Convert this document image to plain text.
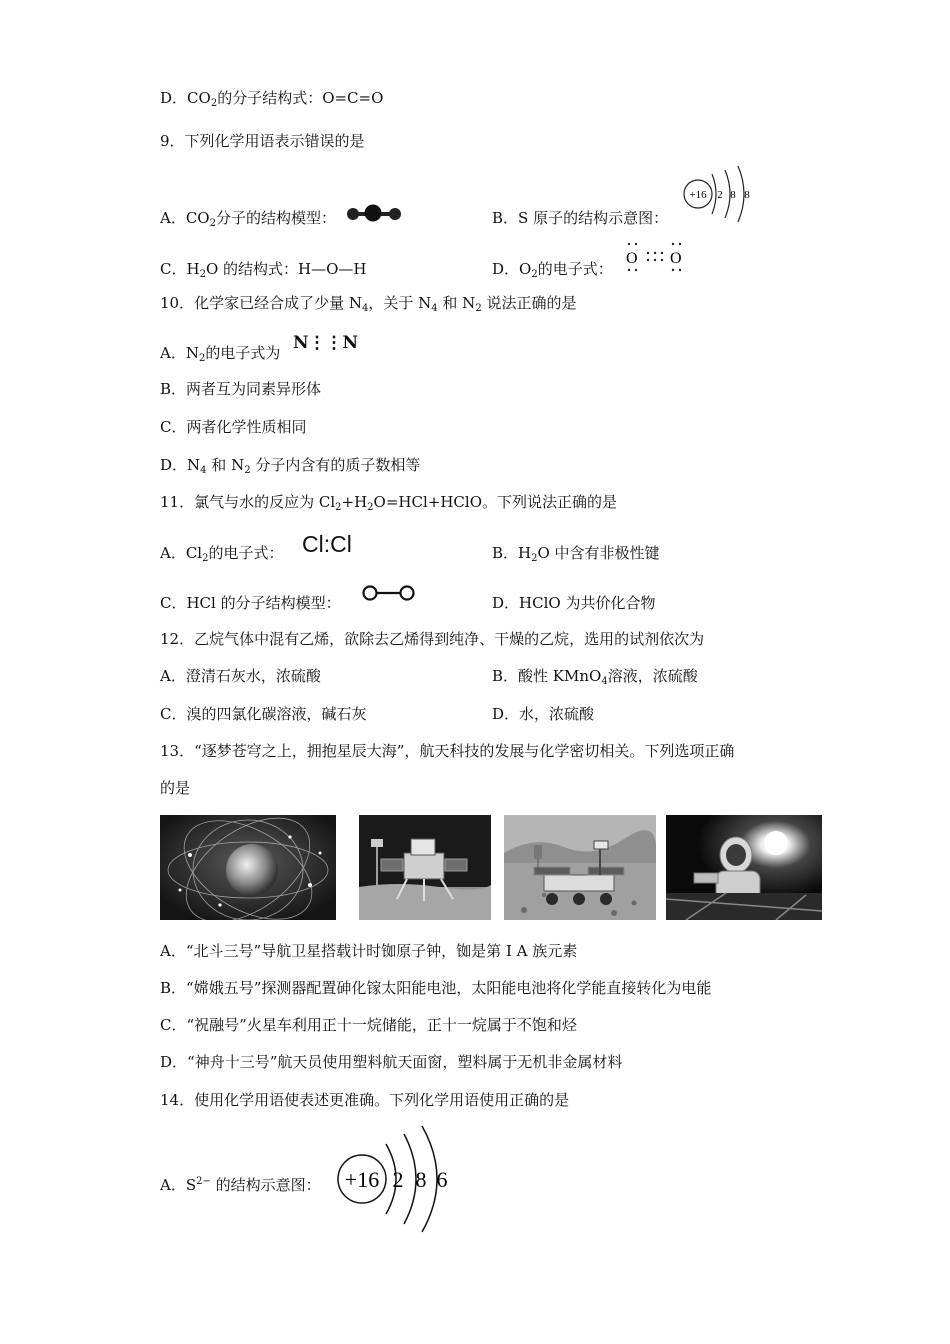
D．$CO_2$的分子结构式：O=C=O
9．下列化学用语表示错误的是
A．$CO_2$分子的结构模型：	B．S 原子的结构示意图：
+16 2 8 8
C．$H_2O$ 的结构式：H—O—H	D．$O_2$的电子式：
O O
10．化学家已经合成了少量 $N_4$，关于 $N_4$ 和 $N_2$ 说法正确的是
A．$N_2$的电子式为 N⋮⋮N
B．两者互为同素异形体
C．两者化学性质相同
D．$N_4$ 和 $N_2$ 分子内含有的质子数相等
11．氯气与水的反应为 $Cl_2+H_2O=HCl+HClO$。下列说法正确的是
A．$Cl_2$的电子式： Cl:Cl	B．$H_2O$ 中含有非极性键
C．HCl 的分子结构模型：	D．HClO 为共价化合物
12．乙烷气体中混有乙烯，欲除去乙烯得到纯净、干燥的乙烷，选用的试剂依次为
A．澄清石灰水，浓硫酸	B．酸性 KMnO$_4$溶液，浓硫酸
C．溴的四氯化碳溶液，碱石灰	D．水，浓硫酸
13．“逐梦苍穹之上，拥抱星辰大海”，航天科技的发展与化学密切相关。下列选项正确
的是
A．“北斗三号”导航卫星搭载计时铷原子钟，铷是第 I A 族元素
B．“嫦娥五号”探测器配置砷化镓太阳能电池，太阳能电池将化学能直接转化为电能
C．“祝融号”火星车利用正十一烷储能，正十一烷属于不饱和烃
D．“神舟十三号”航天员使用塑料航天面窗，塑料属于无机非金属材料
14．使用化学用语使表述更准确。下列化学用语使用正确的是
A．$S^{2-}$ 的结构示意图： +16 2 8 6
